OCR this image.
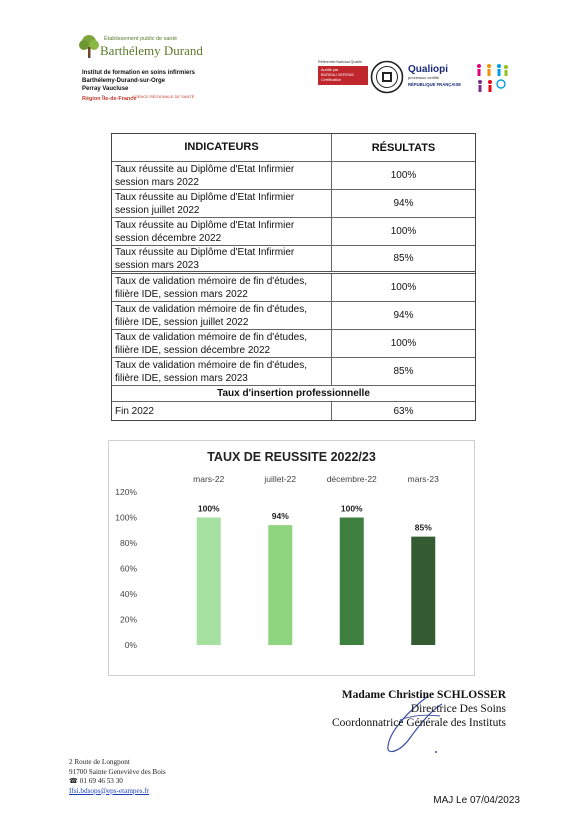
Établissement public de santé
Barthélemy Durand
Institut de formation en soins infirmiers
Barthélemy-Durand-sur-Orge
Perray Vaucluse
Région Île-de-France
AGENCE RÉGIONALE DE SANTÉ
Référentiel National Qualité
Audité par
BUREAU VERITAS
Certification
Qualiopi
processus certifié
RÉPUBLIQUE FRANÇAISE
INDICATEURS	RÉSULTATS
Taux réussite au Diplôme d'Etat Infirmier session mars 2022
100%
Taux réussite au Diplôme d'Etat Infirmier session juillet 2022
94%
Taux réussite au Diplôme d'Etat Infirmier session décembre 2022
100%
Taux réussite au Diplôme d'Etat Infirmier session mars 2023
85%
Taux de validation mémoire de fin d'études, filière IDE, session mars 2022
100%
Taux de validation mémoire de fin d'études, filière IDE, session juillet 2022
94%
Taux de validation mémoire de fin d'études, filière IDE, session décembre 2022
100%
Taux de validation mémoire de fin d'études, filière IDE, session mars 2023
85%
Taux d'insertion professionnelle
Fin 2022	63%
TAUX DE REUSSITE 2022/23
0%
20%
40%
60%
80%
100%
120%
mars-22
100%
juillet-22
94%
décembre-22
100%
mars-23
85%
Madame Christine SCHLOSSER
Directrice Des Soins
Coordonnatrice Générale des Instituts
2 Route de Longpont
91700 Sainte Geneviève des Bois
☎ 01 69 46 53 30
Ifsi.bdsops@eps-etampes.fr
MAJ Le 07/04/2023
